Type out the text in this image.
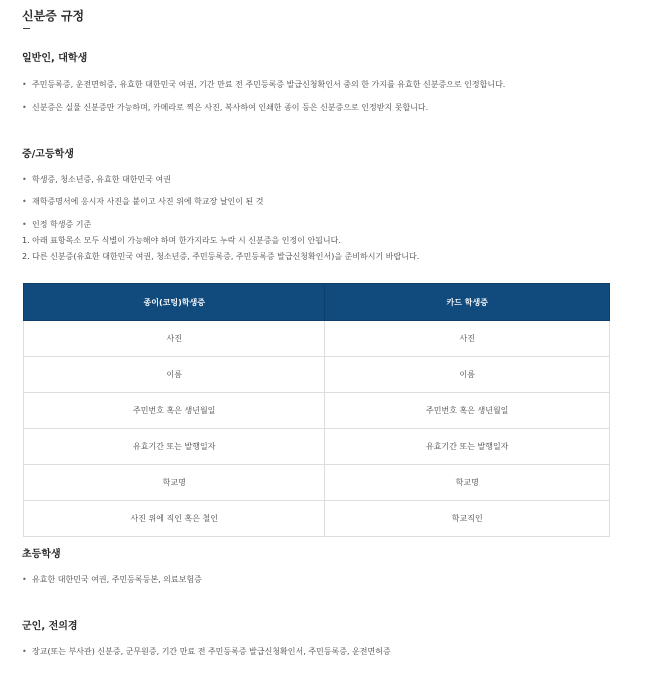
신분증 규정
일반인, 대학생
• 주민등록증, 운전면허증, 유효한 대한민국 여권, 기간 만료 전 주민등록증 발급신청확인서 중의 한 가지를 유효한 신분증으로 인정합니다.
• 신분증은 실물 신분증만 가능하며, 카메라로 찍은 사진, 복사하여 인쇄한 종이 등은 신분증으로 인정받지 못합니다.
중/고등학생
• 학생증, 청소년증, 유효한 대한민국 여권
• 재학증명서에 응시자 사진을 붙이고 사진 위에 학교장 날인이 된 것
• 인정 학생증 기준
1. 아래 표항목소 모두 식별이 가능해야 하며 한가지라도 누락 시 신분증을 인정이 안됩니다.
2. 다른 신분증(유효한 대한민국 여권, 청소년증, 주민등록증, 주민등록증 발급신청확인서)을 준비하시기 바랍니다.
종이(코팅)학생증	카드 학생증
사진	사진
이름	이름
주민번호 혹은 생년월일	주민번호 혹은 생년월일
유효기간 또는 발행일자	유효기간 또는 발행일자
학교명	학교명
사진 위에 직인 혹은 철인	학교직인
초등학생
• 유효한 대한민국 여권, 주민등록등본, 의료보험증
군인, 전의경
• 장교(또는 부사관) 신분증, 군무원증, 기간 만료 전 주민등록증 발급신청확인서, 주민등록증, 운전면허증
